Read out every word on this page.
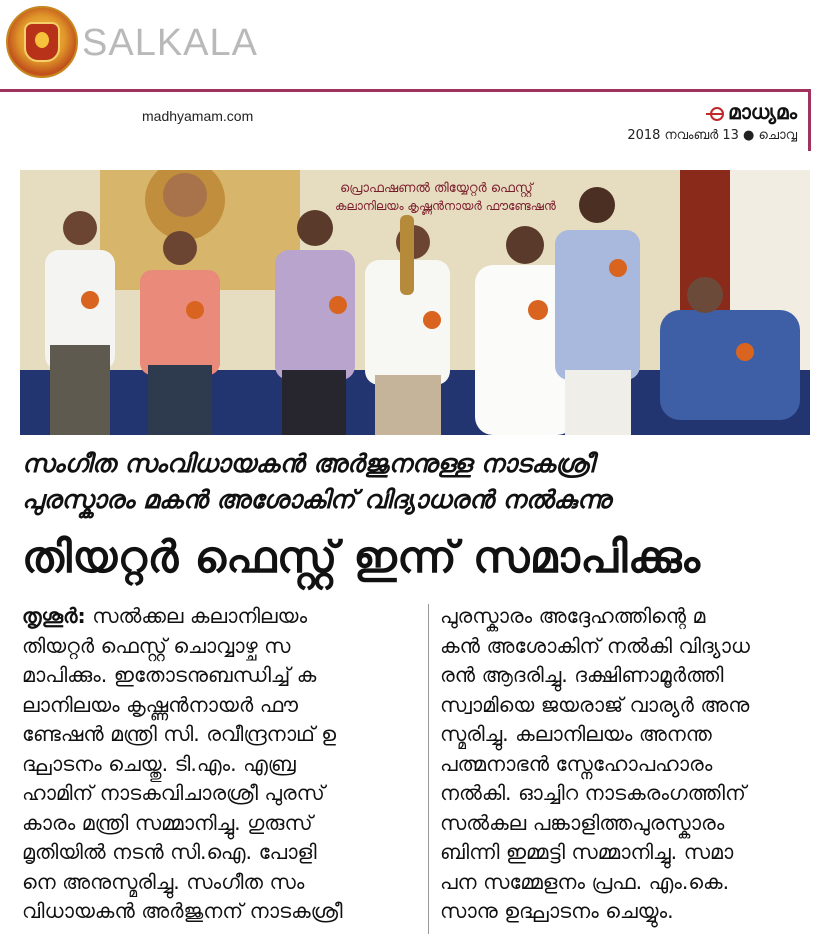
SALKALA
madhyamam.com	മാധ്യമം
2018 നവംബർ 13 ● ചൊവ്വ
പ്രൊഫഷണൽ തിയ്യേറ്റർ ഫെസ്റ്റ്
കലാനിലയം കൃഷ്ണൻനായർ ഫൗണ്ടേഷൻ
സംഗീത സംവിധായകൻ അർജുനനുള്ള നാടകശ്രീ
പുരസ്കാരം മകൻ അശോകിന് വിദ്യാധരൻ നൽകുന്നു
തിയറ്റർ ഫെസ്റ്റ് ഇന്ന് സമാപിക്കും

തൃശൂർ: സൽക്കല കലാനിലയം

തിയറ്റർ ഫെസ്റ്റ് ചൊവ്വാഴ്ച സ

മാപിക്കും. ഇതോടനുബന്ധിച്ച് ക

ലാനിലയം കൃഷ്ണൻനായർ ഫൗ

ണ്ടേഷൻ മന്ത്രി സി. രവീന്ദ്രനാഥ് ഉ

ദ്ഘാടനം ചെയ്തു. ടി.എം. എബ്ര

ഹാമിന് നാടകവിചാരശ്രീ പുരസ്

കാരം മന്ത്രി സമ്മാനിച്ചു. ഗുരുസ്

മൃതിയിൽ നടൻ സി.ഐ. പോളി

നെ അനുസ്മരിച്ചു. സംഗീത സം

വിധായകൻ അർജുനന് നാടകശ്രീ

പുരസ്കാരം അദ്ദേഹത്തിന്റെ മ

കൻ അശോകിന് നൽകി വിദ്യാധ

രൻ ആദരിച്ചു. ദക്ഷിണാമൂർത്തി

സ്വാമിയെ ജയരാജ് വാര്യർ അനു

സ്മരിച്ചു. കലാനിലയം അനന്ത

പത്മനാഭൻ സ്നേഹോപഹാരം

നൽകി. ഓച്ചിറ നാടകരംഗത്തിന്

സൽകല പങ്കാളിത്തപുരസ്കാരം

ബിന്നി ഇമ്മട്ടി സമ്മാനിച്ചു. സമാ

പന സമ്മേളനം പ്രഫ. എം.കെ.

സാനു ഉദ്ഘാടനം ചെയ്യും.
